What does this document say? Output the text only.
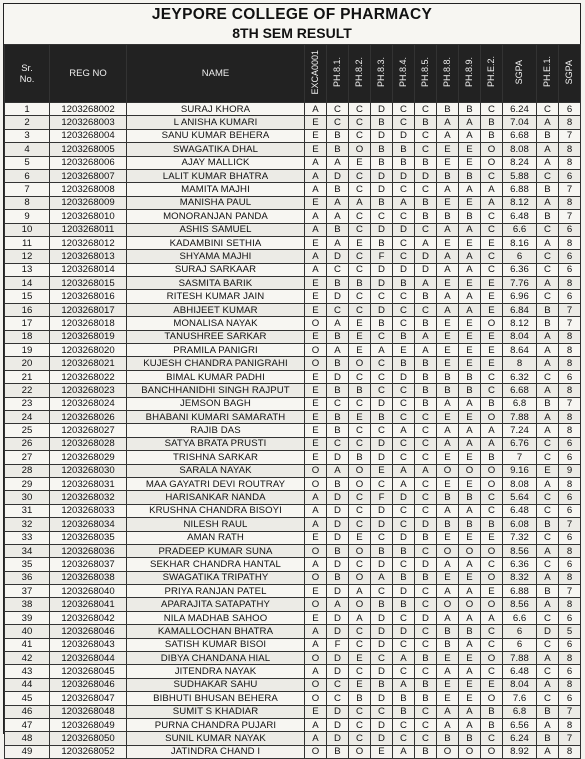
JEYPORE COLLEGE OF PHARMACY
8TH SEM RESULT
Sr.
No.	REG NO	NAME	EXCA0001	PH.8.1.	PH.8.2.	PH.8.3.	PH.8.4.	PH.8.5.	PH.8.8.	PH.8.9.	PH.E.2.	SGPA	PH.E.1.	SGPA
1	1203268002	SURAJ KHORA	A	C	C	D	C	C	B	B	C	6.24	C	6
2	1203268003	L ANISHA KUMARI	E	C	C	B	C	B	A	A	B	7.04	A	8
3	1203268004	SANU KUMAR BEHERA	E	B	C	D	D	C	A	A	B	6.68	B	7
4	1203268005	SWAGATIKA DHAL	E	B	O	B	B	C	E	E	O	8.08	A	8
5	1203268006	AJAY MALLICK	A	A	E	B	B	B	E	E	O	8.24	A	8
6	1203268007	LALIT KUMAR BHATRA	A	D	C	D	D	D	B	B	C	5.88	C	6
7	1203268008	MAMITA MAJHI	A	B	C	D	C	C	A	A	A	6.88	B	7
8	1203268009	MANISHA PAUL	E	A	A	B	A	B	E	E	A	8.12	A	8
9	1203268010	MONORANJAN PANDA	A	A	C	C	C	B	B	B	C	6.48	B	7
10	1203268011	ASHIS SAMUEL	A	B	C	D	D	C	A	A	C	6.6	C	6
11	1203268012	KADAMBINI SETHIA	E	A	E	B	C	A	E	E	E	8.16	A	8
12	1203268013	SHYAMA MAJHI	A	D	C	F	C	D	A	A	C	6	C	6
13	1203268014	SURAJ SARKAAR	A	C	C	D	D	D	A	A	C	6.36	C	6
14	1203268015	SASMITA BARIK	E	B	B	D	B	A	E	E	E	7.76	A	8
15	1203268016	RITESH KUMAR JAIN	E	D	C	C	C	B	A	A	E	6.96	C	6
16	1203268017	ABHIJEET KUMAR	E	C	C	D	C	C	A	A	E	6.84	B	7
17	1203268018	MONALISA NAYAK	O	A	E	B	C	B	E	E	O	8.12	B	7
18	1203268019	TANUSHREE SARKAR	E	B	E	C	B	A	E	E	E	8.04	A	8
19	1203268020	PRAMILA PANIGRI	O	A	E	A	E	A	E	E	E	8.64	A	8
20	1203268021	KUJESH CHANDRA PANIGRAHI	O	B	O	C	B	B	E	E	E	8	A	8
21	1203268022	BIMAL KUMAR PADHI	E	D	C	C	D	B	B	B	C	6.32	C	6
22	1203268023	BANCHHANIDHI SINGH RAJPUT	E	B	B	C	C	B	B	B	C	6.68	A	8
23	1203268024	JEMSON BAGH	E	C	C	D	C	B	A	A	B	6.8	B	7
24	1203268026	BHABANI KUMARI SAMARATH	E	B	E	B	C	C	E	E	O	7.88	A	8
25	1203268027	RAJIB DAS	E	B	C	C	A	C	A	A	A	7.24	A	8
26	1203268028	SATYA BRATA PRUSTI	E	C	C	D	C	C	A	A	A	6.76	C	6
27	1203268029	TRISHNA SARKAR	E	D	B	D	C	C	E	E	B	7	C	6
28	1203268030	SARALA NAYAK	O	A	O	E	A	A	O	O	O	9.16	E	9
29	1203268031	MAA GAYATRI DEVI ROUTRAY	O	B	O	C	A	C	E	E	O	8.08	A	8
30	1203268032	HARISANKAR NANDA	A	D	C	F	D	C	B	B	C	5.64	C	6
31	1203268033	KRUSHNA CHANDRA BISOYI	A	D	C	D	C	C	A	A	C	6.48	C	6
32	1203268034	NILESH RAUL	A	D	C	D	C	D	B	B	B	6.08	B	7
33	1203268035	AMAN RATH	E	D	E	C	D	B	E	E	E	7.32	C	6
34	1203268036	PRADEEP KUMAR SUNA	O	B	O	B	B	C	O	O	O	8.56	A	8
35	1203268037	SEKHAR CHANDRA HANTAL	A	D	C	D	C	D	A	A	C	6.36	C	6
36	1203268038	SWAGATIKA TRIPATHY	O	B	O	A	B	B	E	E	O	8.32	A	8
37	1203268040	PRIYA RANJAN PATEL	E	D	A	C	D	C	A	A	E	6.88	B	7
38	1203268041	APARAJITA SATAPATHY	O	A	O	B	B	C	O	O	O	8.56	A	8
39	1203268042	NILA MADHAB SAHOO	E	D	A	D	C	D	A	A	A	6.6	C	6
40	1203268046	KAMALLOCHAN BHATRA	A	D	C	D	D	C	B	B	C	6	D	5
41	1203268043	SATISH KUMAR BISOI	A	F	C	D	C	C	B	A	C	6	C	6
42	1203268044	DIBYA CHANDANA HIAL	O	D	E	C	A	B	E	E	O	7.88	A	8
43	1203268045	JITENDRA NAYAK	A	D	C	D	C	C	A	A	C	6.48	C	6
44	1203268046	SUDHAKAR SAHU	O	C	E	B	A	B	E	E	E	8.04	A	8
45	1203268047	BIBHUTI BHUSAN BEHERA	O	C	B	D	B	B	E	E	O	7.6	C	6
46	1203268048	SUMIT S KHADIAR	E	D	C	C	B	C	A	A	B	6.8	B	7
47	1203268049	PURNA CHANDRA PUJARI	A	D	C	D	C	C	A	A	B	6.56	A	8
48	1203268050	SUNIL KUMAR NAYAK	A	D	C	D	C	C	B	B	C	6.24	B	7
49	1203268052	JATINDRA CHAND I	O	B	O	E	A	B	O	O	O	8.92	A	8
